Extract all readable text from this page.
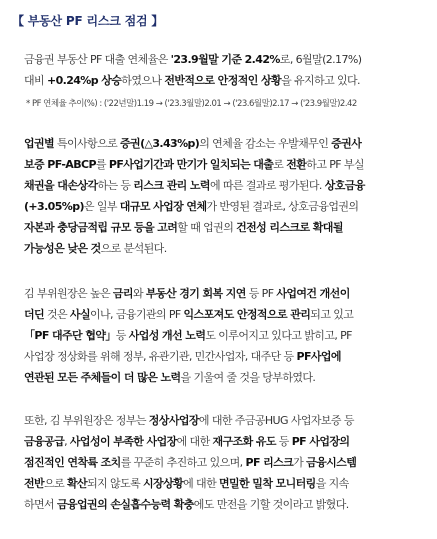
【 부동산 PF 리스크 점검 】

금융권 부동산 PF 대출 연체율은 '23.9월말 기준 2.42%로, 6월말(2.17%)

대비 +0.24%p 상승하였으나 전반적으로 안정적인 상황을 유지하고 있다.

* PF 연체율 추이(%) : ('22년말)1.19 → ('23.3월말)2.01 → ('23.6월말)2.17 → ('23.9월말)2.42

업권별 특이사항으로 증권(△3.43%p)의 연체율 감소는 우발채무인 증권사

보증 PF-ABCP를 PF사업기간과 만기가 일치되는 대출로 전환하고 PF 부실

채권을 대손상각하는 등 리스크 관리 노력에 따른 결과로 평가된다. 상호금융

(+3.05%p)은 일부 대규모 사업장 연체가 반영된 결과로, 상호금융업권의

자본과 충당금적립 규모 등을 고려할 때 업권의 건전성 리스크로 확대될

가능성은 낮은 것으로 분석된다.

김 부위원장은 높은 금리와 부동산 경기 회복 지연 등 PF 사업여건 개선이

더딘 것은 사실이나, 금융기관의 PF 익스포져도 안정적으로 관리되고 있고

「PF 대주단 협약」등 사업성 개선 노력도 이루어지고 있다고 밝히고, PF

사업장 정상화를 위해 정부, 유관기관, 민간사업자, 대주단 등 PF사업에

연관된 모든 주체들이 더 많은 노력을 기울여 줄 것을 당부하였다.

또한, 김 부위원장은 정부는 정상사업장에 대한 주금공HUG 사업자보증 등

금융공급, 사업성이 부족한 사업장에 대한 재구조화 유도 등 PF 사업장의

점진적인 연착륙 조치를 꾸준히 추진하고 있으며, PF 리스크가 금융시스템

전반으로 확산되지 않도록 시장상황에 대한 면밀한 밀착 모니터링을 지속

하면서 금융업권의 손실흡수능력 확충에도 만전을 기할 것이라고 밝혔다.
